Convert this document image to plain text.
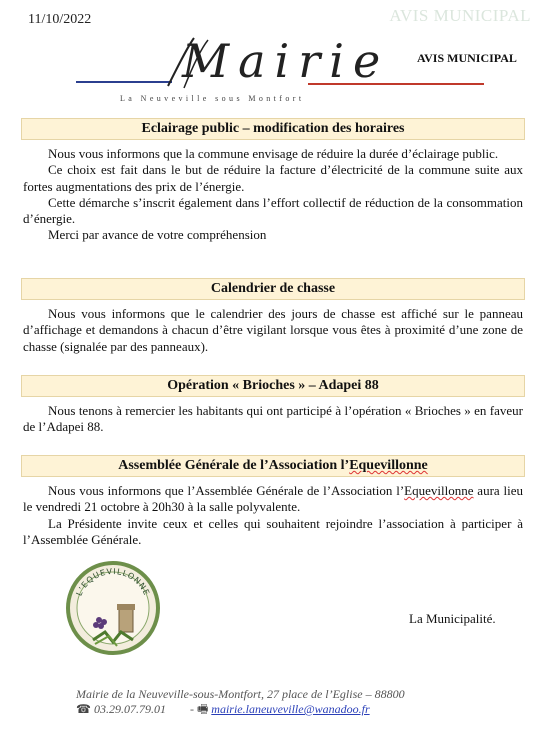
11/10/2022	AVIS MUNICIPAL
Mairie
La Neuveville sous Montfort
AVIS MUNICIPAL
Eclairage public – modification des horaires

Nous vous informons que la commune envisage de réduire la durée d’éclairage public.

Ce choix est fait dans le but de réduire la facture d’électricité de la commune suite aux fortes augmentations des prix de l’énergie.

Cette démarche s’inscrit également dans l’effort collectif de réduction de la consommation d’énergie.

Merci par avance de votre compréhension

Calendrier de chasse

Nous vous informons que le calendrier des jours de chasse est affiché sur le panneau d’affichage et demandons à chacun d’être vigilant lorsque vous êtes à proximité d’une zone de chasse (signalée par des panneaux).

Opération « Brioches » – Adapei 88

Nous tenons à remercier les habitants qui ont participé à l’opération « Brioches » en faveur de l’Adapei 88.

Assemblée Générale de l’Association l’Equevillonne

Nous vous informons que l’Assemblée Générale de l’Association l’Equevillonne aura lieu le vendredi 21 octobre à 20h30 à la salle polyvalente.

La Présidente invite ceux et celles qui souhaitent rejoindre l’association à participer à l’Assemblée Générale.

L’EQUEVILLONNE
La Municipalité.
Mairie de la Neuveville-sous-Montfort, 27 place de l’Eglise – 88800
☎ 03.29.07.79.01 - 🖷 mairie.laneuveville@wanadoo.fr
